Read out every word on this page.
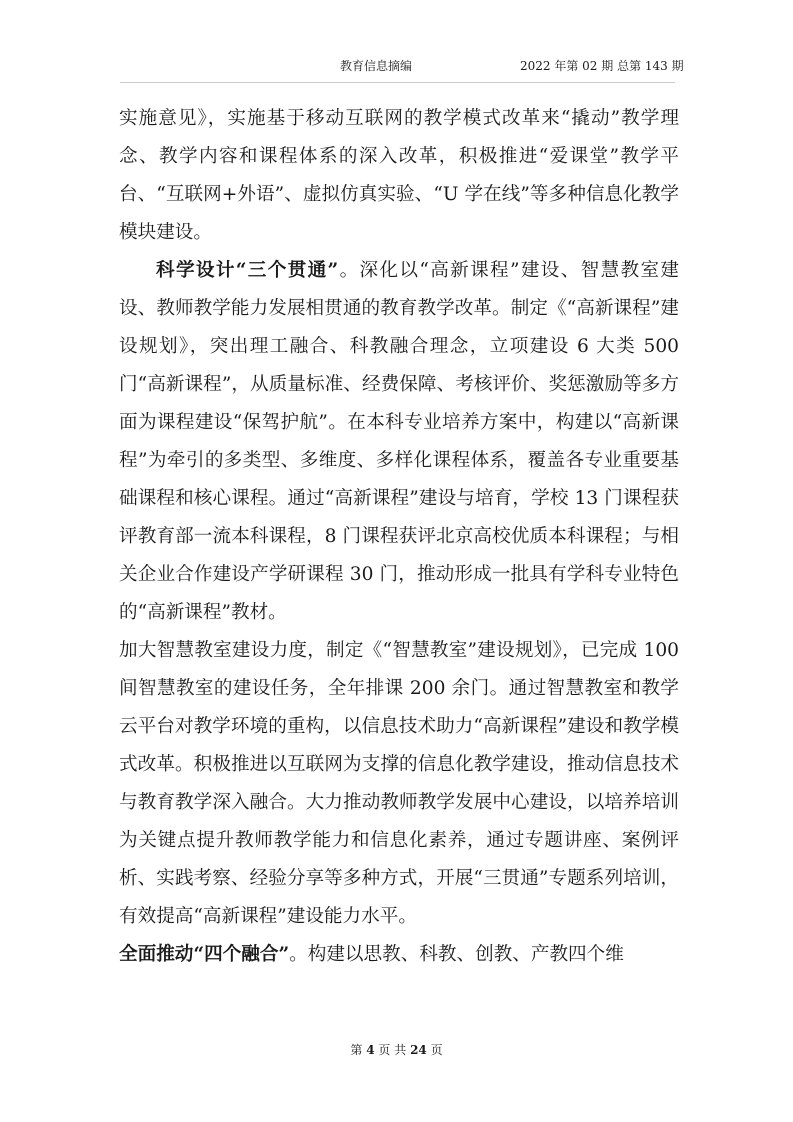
教育信息摘编	2022 年第 02 期 总第 143 期

实施意见》，实施基于移动互联网的教学模式改革来“撬动”教学理念、教学内容和课程体系的深入改革，积极推进“爱课堂”教学平台、“互联网+外语”、虚拟仿真实验、“U 学在线”等多种信息化教学模块建设。

科学设计“三个贯通”。深化以“高新课程”建设、智慧教室建设、教师教学能力发展相贯通的教育教学改革。制定《“高新课程”建设规划》，突出理工融合、科教融合理念，立项建设 6 大类 500 门“高新课程”，从质量标准、经费保障、考核评价、奖惩激励等多方面为课程建设“保驾护航”。在本科专业培养方案中，构建以“高新课程”为牵引的多类型、多维度、多样化课程体系，覆盖各专业重要基础课程和核心课程。通过“高新课程”建设与培育，学校 13 门课程获评教育部一流本科课程，8 门课程获评北京高校优质本科课程；与相关企业合作建设产学研课程 30 门，推动形成一批具有学科专业特色的“高新课程”教材。

加大智慧教室建设力度，制定《“智慧教室”建设规划》，已完成 100 间智慧教室的建设任务，全年排课 200 余门。通过智慧教室和教学云平台对教学环境的重构，以信息技术助力“高新课程”建设和教学模式改革。积极推进以互联网为支撑的信息化教学建设，推动信息技术与教育教学深入融合。大力推动教师教学发展中心建设，以培养培训为关键点提升教师教学能力和信息化素养，通过专题讲座、案例评析、实践考察、经验分享等多种方式，开展“三贯通”专题系列培训，有效提高“高新课程”建设能力水平。

全面推动“四个融合”。构建以思教、科教、创教、产教四个维

第 4 页 共 24 页
